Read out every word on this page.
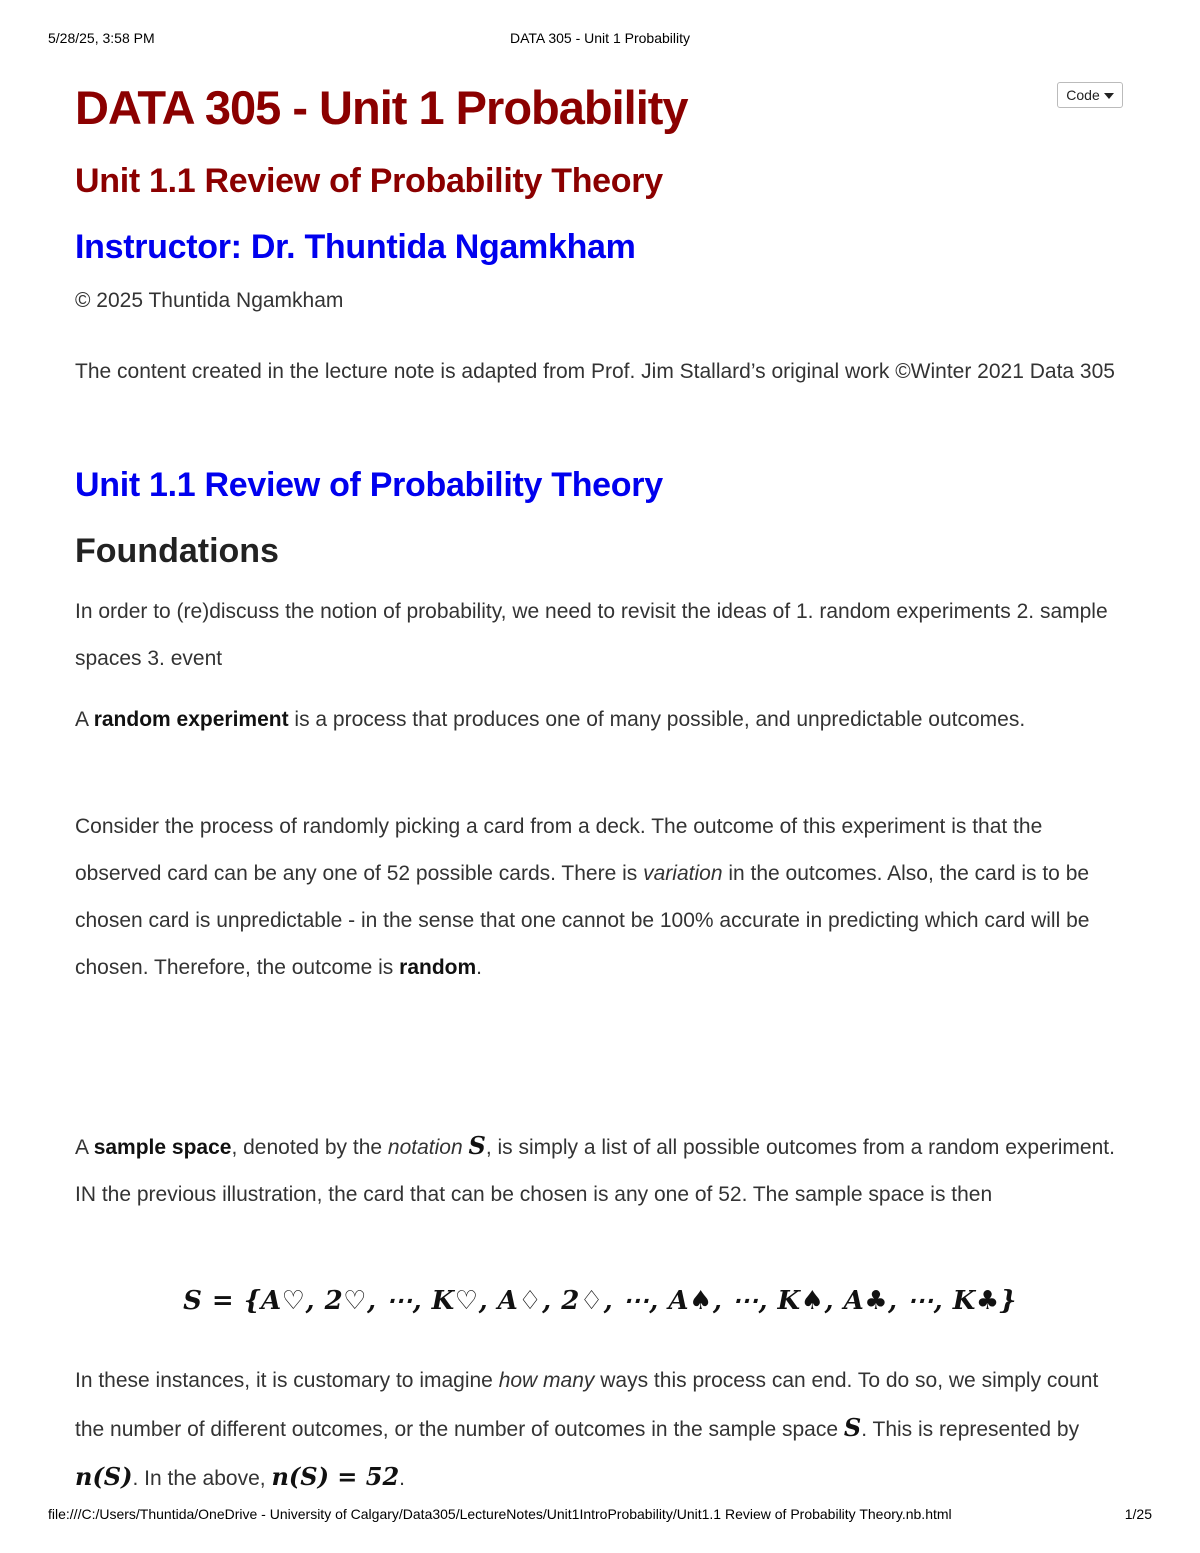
5/28/25, 3:58 PM	DATA 305 - Unit 1 Probability
Code
DATA 305 - Unit 1 Probability
Unit 1.1 Review of Probability Theory
Instructor: Dr. Thuntida Ngamkham

© 2025 Thuntida Ngamkham

The content created in the lecture note is adapted from Prof. Jim Stallard’s original work ©Winter 2021 Data 305

Unit 1.1 Review of Probability Theory
Foundations

In order to (re)discuss the notion of probability, we need to revisit the ideas of 1. random experiments 2. sample spaces 3. event

A random experiment is a process that produces one of many possible, and unpredictable outcomes.

Consider the process of randomly picking a card from a deck. The outcome of this experiment is that the observed card can be any one of 52 possible cards. There is variation in the outcomes. Also, the card is to be chosen card is unpredictable - in the sense that one cannot be 100% accurate in predicting which card will be chosen. Therefore, the outcome is random.

A sample space, denoted by the notation S, is simply a list of all possible outcomes from a random experiment. IN the previous illustration, the card that can be chosen is any one of 52. The sample space is then

S = {A♡, 2♡, ⋯, K♡, A♢, 2♢, ⋯, A♠, ⋯, K♠, A♣, ⋯, K♣}

In these instances, it is customary to imagine how many ways this process can end. To do so, we simply count the number of different outcomes, or the number of outcomes in the sample space S. This is represented by n(S). In the above, n(S) = 52.

file:///C:/Users/Thuntida/OneDrive - University of Calgary/Data305/LectureNotes/Unit1IntroProbability/Unit1.1 Review of Probability Theory.nb.html	1/25
